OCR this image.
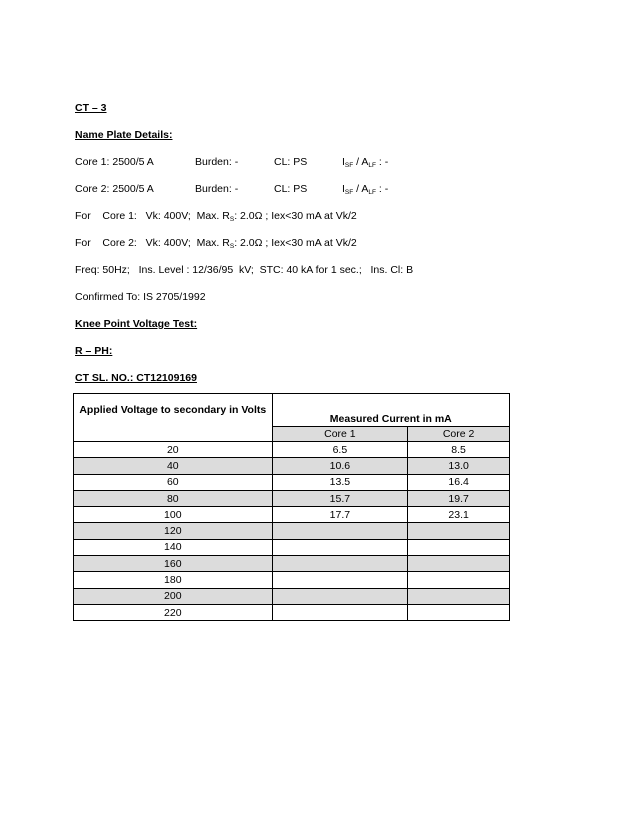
CT – 3
Name Plate Details:
Core 1: 2500/5 A	Burden: -	CL: PS	$I_{SF} / A_{LF}$ : -
Core 2: 2500/5 A	Burden: -	CL: PS	$I_{SF} / A_{LF}$ : -
For    Core 1:   Vk: 400V;  Max. $R_S$: 2.0Ω ; Iex<30 mA at Vk/2
For    Core 2:   Vk: 400V;  Max. $R_S$: 2.0Ω ; Iex<30 mA at Vk/2
Freq: 50Hz;   Ins. Level : 12/36/95  kV;  STC: 40 kA for 1 sec.;   Ins. Cl: B
Confirmed To: IS 2705/1992
Knee Point Voltage Test:
R – PH:
CT SL. NO.: CT12109169
Applied Voltage to secondary in Volts	Measured Current in mA	
	Core 1	Core 2
20	6.5	8.5
40	10.6	13.0
60	13.5	16.4
80	15.7	19.7
100	17.7	23.1
120		
140		
160		
180		
200		
220		
